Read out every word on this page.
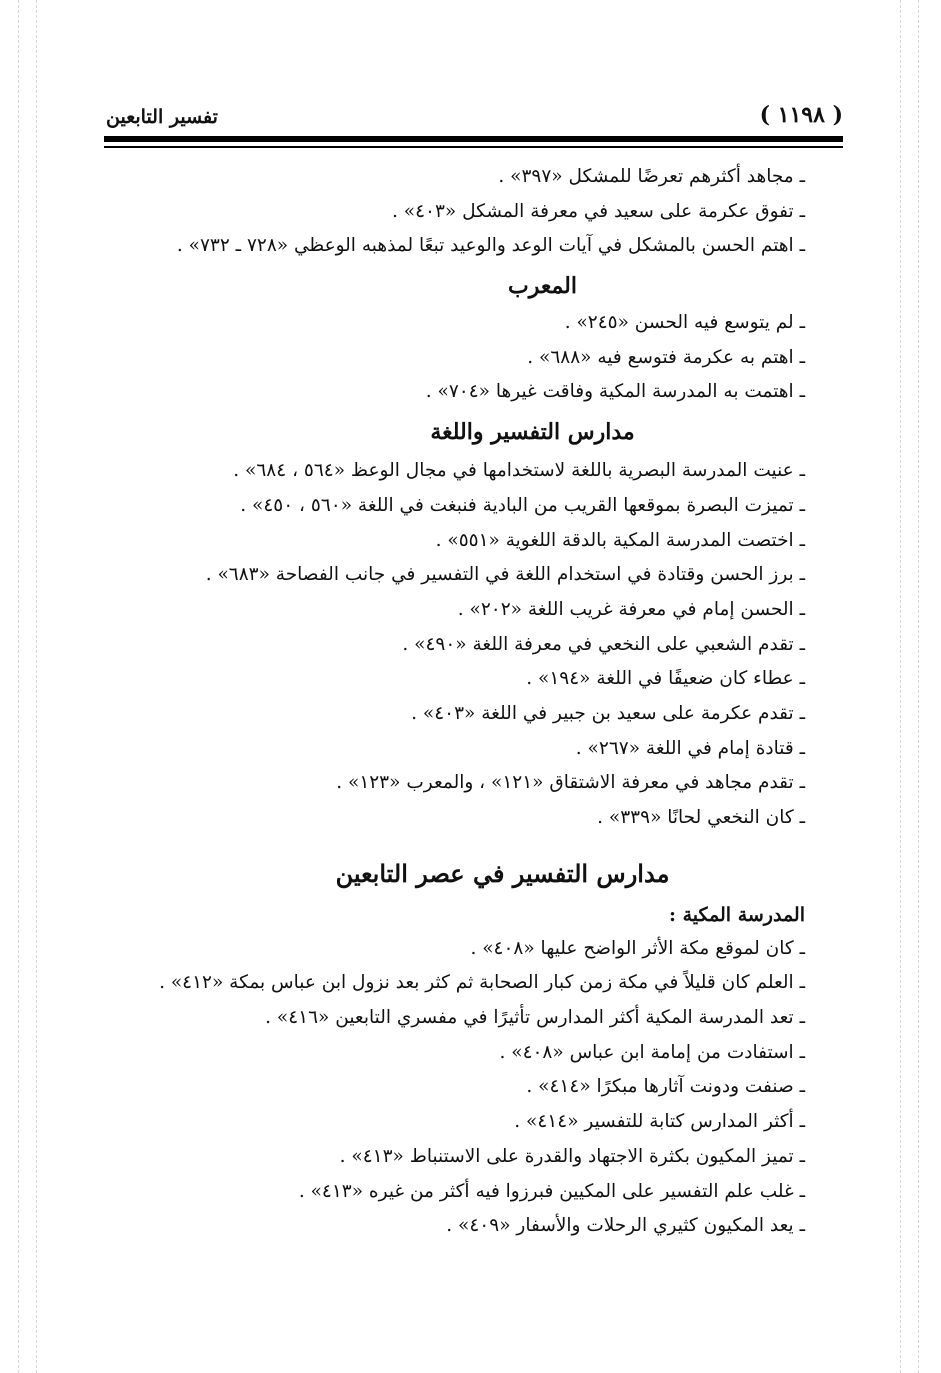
( ١١٩٨ )
تفسير التابعين
ـ مجاهد أكثرهم تعرضًا للمشكل «٣٩٧» .
ـ تفوق عكرمة على سعيد في معرفة المشكل «٤٠٣» .
ـ اهتم الحسن بالمشكل في آيات الوعد والوعيد تبعًا لمذهبه الوعظي «٧٢٨ ـ ٧٣٢» .
المعرب
ـ لم يتوسع فيه الحسن «٢٤٥» .
ـ اهتم به عكرمة فتوسع فيه «٦٨٨» .
ـ اهتمت به المدرسة المكية وفاقت غيرها «٧٠٤» .
مدارس التفسير واللغة
ـ عنيت المدرسة البصرية باللغة لاستخدامها في مجال الوعظ «٥٦٤ ، ٦٨٤» .
ـ تميزت البصرة بموقعها القريب من البادية فنبغت في اللغة «٥٦٠ ، ٤٥٠» .
ـ اختصت المدرسة المكية بالدقة اللغوية «٥٥١» .
ـ برز الحسن وقتادة في استخدام اللغة في التفسير في جانب الفصاحة «٦٨٣» .
ـ الحسن إمام في معرفة غريب اللغة «٢٠٢» .
ـ تقدم الشعبي على النخعي في معرفة اللغة «٤٩٠» .
ـ عطاء كان ضعيفًا في اللغة «١٩٤» .
ـ تقدم عكرمة على سعيد بن جبير في اللغة «٤٠٣» .
ـ قتادة إمام في اللغة «٢٦٧» .
ـ تقدم مجاهد في معرفة الاشتقاق «١٢١» ، والمعرب «١٢٣» .
ـ كان النخعي لحانًا «٣٣٩» .
مدارس التفسير في عصر التابعين
المدرسة المكية :
ـ كان لموقع مكة الأثر الواضح عليها «٤٠٨» .
ـ العلم كان قليلاً في مكة زمن كبار الصحابة ثم كثر بعد نزول ابن عباس بمكة «٤١٢» .
ـ تعد المدرسة المكية أكثر المدارس تأثيرًا في مفسري التابعين «٤١٦» .
ـ استفادت من إمامة ابن عباس «٤٠٨» .
ـ صنفت ودونت آثارها مبكرًا «٤١٤» .
ـ أكثر المدارس كتابة للتفسير «٤١٤» .
ـ تميز المكيون بكثرة الاجتهاد والقدرة على الاستنباط «٤١٣» .
ـ غلب علم التفسير على المكيين فبرزوا فيه أكثر من غيره «٤١٣» .
ـ يعد المكيون كثيري الرحلات والأسفار «٤٠٩» .
